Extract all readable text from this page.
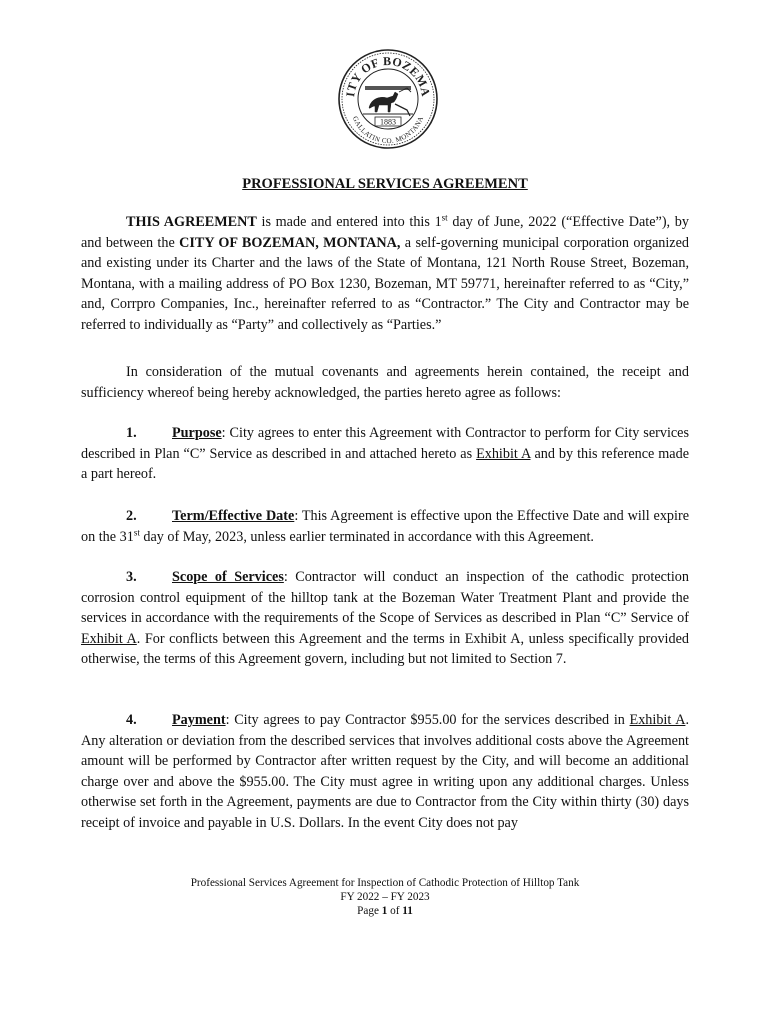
ITY OF BOZEMA
GALLATIN CO. MONTANA
1883
PROFESSIONAL SERVICES AGREEMENT

THIS AGREEMENT is made and entered into this 1st day of June, 2022 (“Effective Date”), by and between the CITY OF BOZEMAN, MONTANA, a self-governing municipal corporation organized and existing under its Charter and the laws of the State of Montana, 121 North Rouse Street, Bozeman, Montana, with a mailing address of PO Box 1230, Bozeman, MT 59771, hereinafter referred to as “City,” and, Corrpro Companies, Inc., hereinafter referred to as “Contractor.” The City and Contractor may be referred to individually as “Party” and collectively as “Parties.”

In consideration of the mutual covenants and agreements herein contained, the receipt and sufficiency whereof being hereby acknowledged, the parties hereto agree as follows:

1. Purpose: City agrees to enter this Agreement with Contractor to perform for City services described in Plan “C” Service as described in and attached hereto as Exhibit A and by this reference made a part hereof.

2. Term/Effective Date: This Agreement is effective upon the Effective Date and will expire on the 31st day of May, 2023, unless earlier terminated in accordance with this Agreement.

3. Scope of Services: Contractor will conduct an inspection of the cathodic protection corrosion control equipment of the hilltop tank at the Bozeman Water Treatment Plant and provide the services in accordance with the requirements of the Scope of Services as described in Plan “C” Service of Exhibit A. For conflicts between this Agreement and the terms in Exhibit A, unless specifically provided otherwise, the terms of this Agreement govern, including but not limited to Section 7.

4. Payment: City agrees to pay Contractor $955.00 for the services described in Exhibit A. Any alteration or deviation from the described services that involves additional costs above the Agreement amount will be performed by Contractor after written request by the City, and will become an additional charge over and above the $955.00. The City must agree in writing upon any additional charges. Unless otherwise set forth in the Agreement, payments are due to Contractor from the City within thirty (30) days receipt of invoice and payable in U.S. Dollars. In the event City does not pay

Professional Services Agreement for Inspection of Cathodic Protection of Hilltop Tank
FY 2022 – FY 2023
Page 1 of 11
